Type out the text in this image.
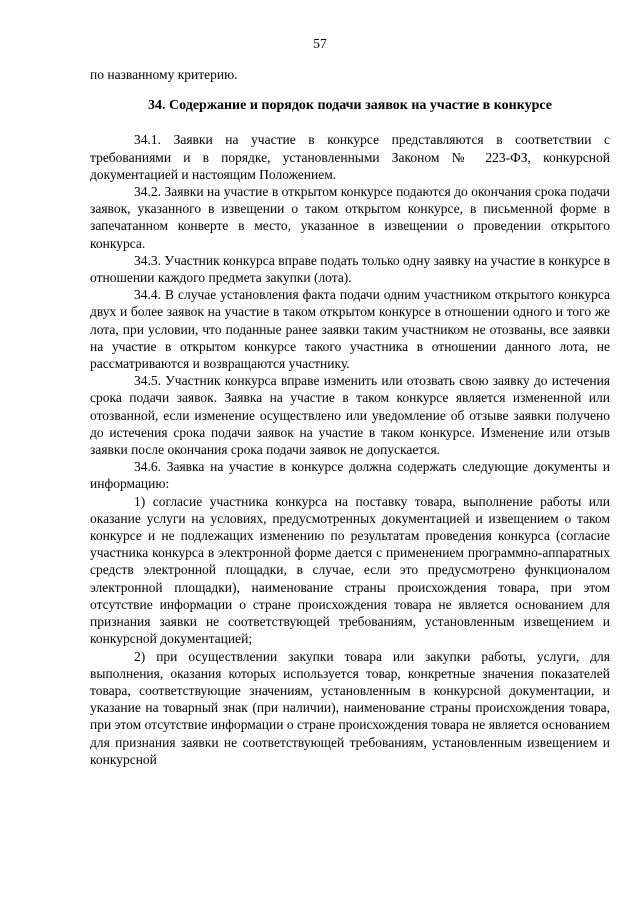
57

по названному критерию.

34. Содержание и порядок подачи заявок на участие в конкурсе

34.1. Заявки на участие в конкурсе представляются в соответствии с требованиями и в порядке, установленными Законом № 223-ФЗ, конкурсной документацией и настоящим Положением.

34.2. Заявки на участие в открытом конкурсе подаются до окончания срока подачи заявок, указанного в извещении о таком открытом конкурсе, в письменной форме в запечатанном конверте в место, указанное в извещении о проведении открытого конкурса.

34.3. Участник конкурса вправе подать только одну заявку на участие в конкурсе в отношении каждого предмета закупки (лота).

34.4. В случае установления факта подачи одним участником открытого конкурса двух и более заявок на участие в таком открытом конкурсе в отношении одного и того же лота, при условии, что поданные ранее заявки таким участником не отозваны, все заявки на участие в открытом конкурсе такого участника в отношении данного лота, не рассматриваются и возвращаются участнику.

34.5. Участник конкурса вправе изменить или отозвать свою заявку до истечения срока подачи заявок. Заявка на участие в таком конкурсе является измененной или отозванной, если изменение осуществлено или уведомление об отзыве заявки получено до истечения срока подачи заявок на участие в таком конкурсе. Изменение или отзыв заявки после окончания срока подачи заявок не допускается.

34.6. Заявка на участие в конкурсе должна содержать следующие документы и информацию:

1) согласие участника конкурса на поставку товара, выполнение работы или оказание услуги на условиях, предусмотренных документацией и извещением о таком конкурсе и не подлежащих изменению по результатам проведения конкурса (согласие участника конкурса в электронной форме дается с применением программно-аппаратных средств электронной площадки, в случае, если это предусмотрено функционалом электронной площадки), наименование страны происхождения товара, при этом отсутствие информации о стране происхождения товара не является основанием для признания заявки не соответствующей требованиям, установленным извещением и конкурсной документацией;

2) при осуществлении закупки товара или закупки работы, услуги, для выполнения, оказания которых используется товар, конкретные значения показателей товара, соответствующие значениям, установленным в конкурсной документации, и указание на товарный знак (при наличии), наименование страны происхождения товара, при этом отсутствие информации о стране происхождения товара не является основанием для признания заявки не соответствующей требованиям, установленным извещением и конкурсной
